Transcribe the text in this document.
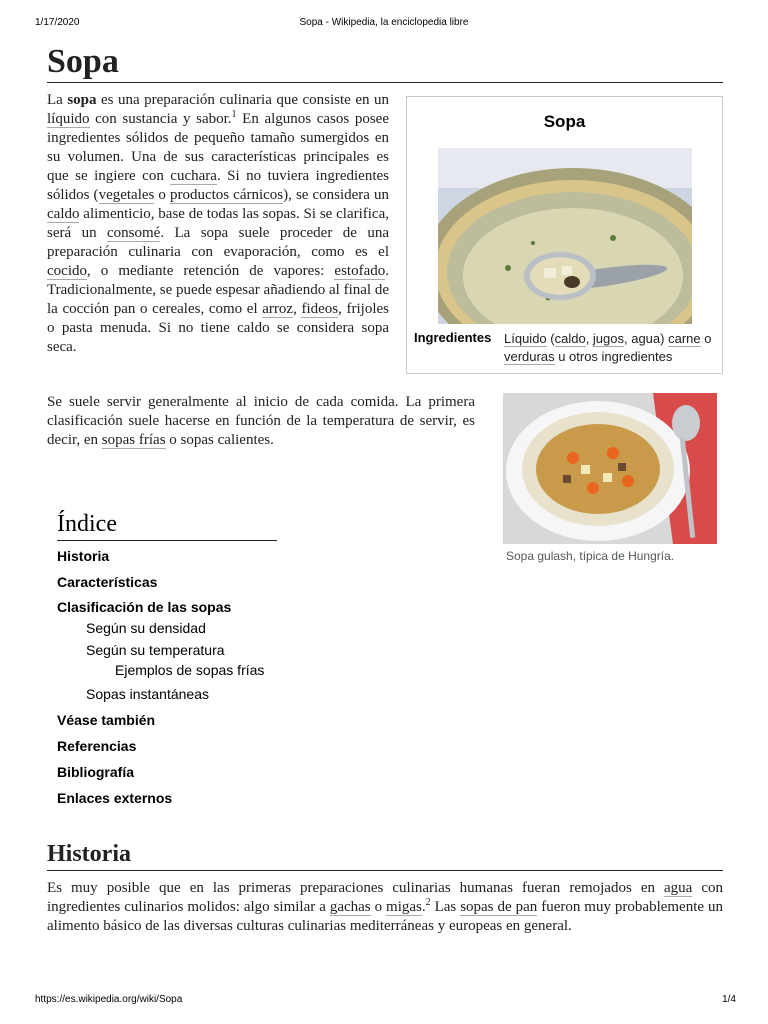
1/17/2020	Sopa - Wikipedia, la enciclopedia libre
Sopa

La sopa es una preparación culinaria que consiste en un líquido con sustancia y sabor.$^1$ En algunos casos posee ingredientes sólidos de pequeño tamaño sumergidos en su volumen. Una de sus características principales es que se ingiere con cuchara. Si no tuviera ingredientes sólidos (vegetales o productos cárnicos), se considera un caldo alimenticio, base de todas las sopas. Si se clarifica, será un consomé. La sopa suele proceder de una preparación culinaria con evaporación, como es el cocido, o mediante retención de vapores: estofado. Tradicionalmente, se puede espesar añadiendo al final de la cocción pan o cereales, como el arroz, fideos, frijoles o pasta menuda. Si no tiene caldo se considera sopa seca.

Sopa
Ingredientes Líquido (caldo, jugos, agua) carne o verduras u otros ingredientes

Se suele servir generalmente al inicio de cada comida. La primera clasificación suele hacerse en función de la temperatura de servir, es decir, en sopas frías o sopas calientes.

Sopa gulash, típica de Hungría.
Índice
Historia
Características
Clasificación de las sopas
Según su densidad
Según su temperatura
Ejemplos de sopas frías
Sopas instantáneas
Véase también
Referencias
Bibliografía
Enlaces externos
Historia

Es muy posible que en las primeras preparaciones culinarias humanas fueran remojados en agua con ingredientes culinarios molidos: algo similar a gachas o migas.$^2$ Las sopas de pan fueron muy probablemente un alimento básico de las diversas culturas culinarias mediterráneas y europeas en general.

https://es.wikipedia.org/wiki/Sopa	1/4
